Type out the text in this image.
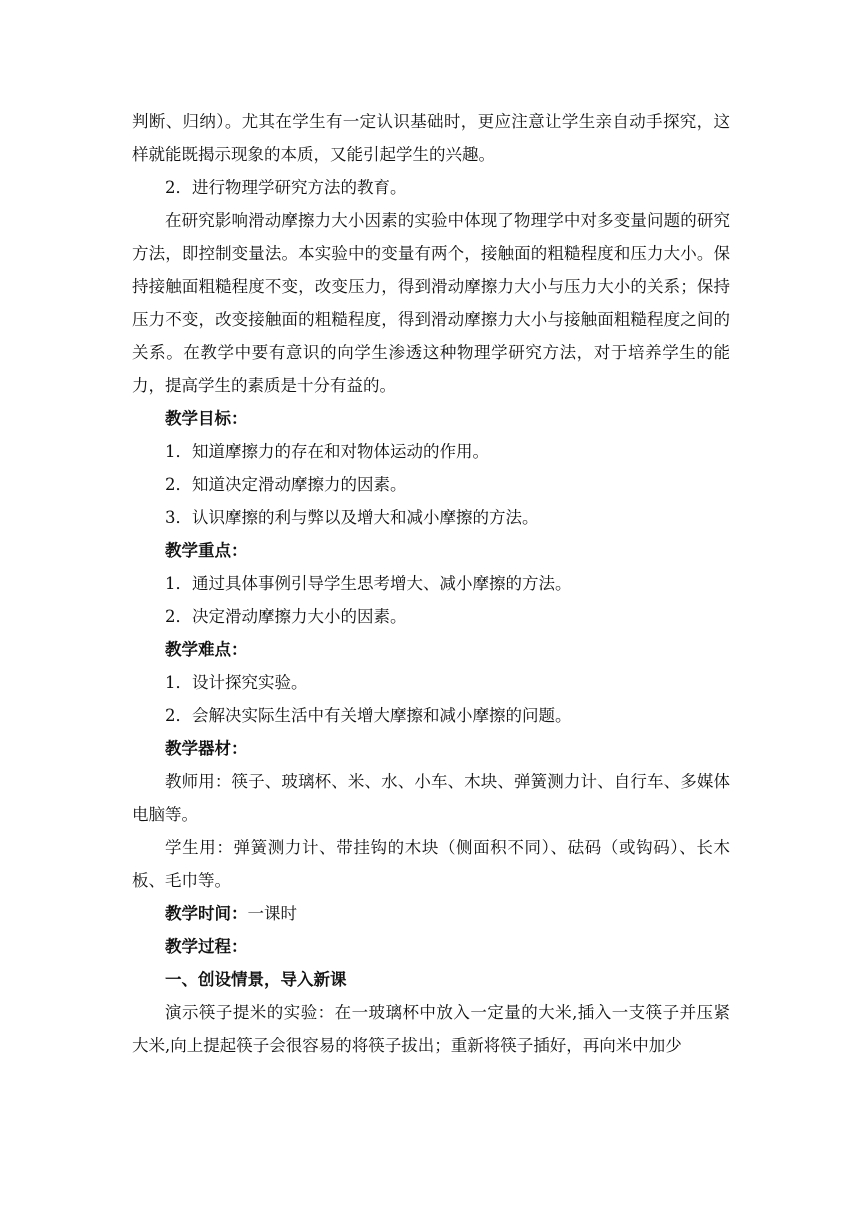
判断、归纳）。尤其在学生有一定认识基础时，更应注意让学生亲自动手探究，这样就能既揭示现象的本质，又能引起学生的兴趣。

2．进行物理学研究方法的教育。

在研究影响滑动摩擦力大小因素的实验中体现了物理学中对多变量问题的研究方法，即控制变量法。本实验中的变量有两个，接触面的粗糙程度和压力大小。保持接触面粗糙程度不变，改变压力，得到滑动摩擦力大小与压力大小的关系；保持压力不变，改变接触面的粗糙程度，得到滑动摩擦力大小与接触面粗糙程度之间的关系。在教学中要有意识的向学生渗透这种物理学研究方法，对于培养学生的能力，提高学生的素质是十分有益的。

教学目标：

1．知道摩擦力的存在和对物体运动的作用。

2．知道决定滑动摩擦力的因素。

3．认识摩擦的利与弊以及增大和减小摩擦的方法。

教学重点：

1．通过具体事例引导学生思考增大、减小摩擦的方法。

2．决定滑动摩擦力大小的因素。

教学难点：

1．设计探究实验。

2．会解决实际生活中有关增大摩擦和减小摩擦的问题。

教学器材：

教师用：筷子、玻璃杯、米、水、小车、木块、弹簧测力计、自行车、多媒体电脑等。

学生用：弹簧测力计、带挂钩的木块（侧面积不同）、砝码（或钩码）、长木板、毛巾等。

教学时间：一课时

教学过程：

一、创设情景，导入新课

演示筷子提米的实验：在一玻璃杯中放入一定量的大米,插入一支筷子并压紧大米,向上提起筷子会很容易的将筷子拔出；重新将筷子插好，再向米中加少
